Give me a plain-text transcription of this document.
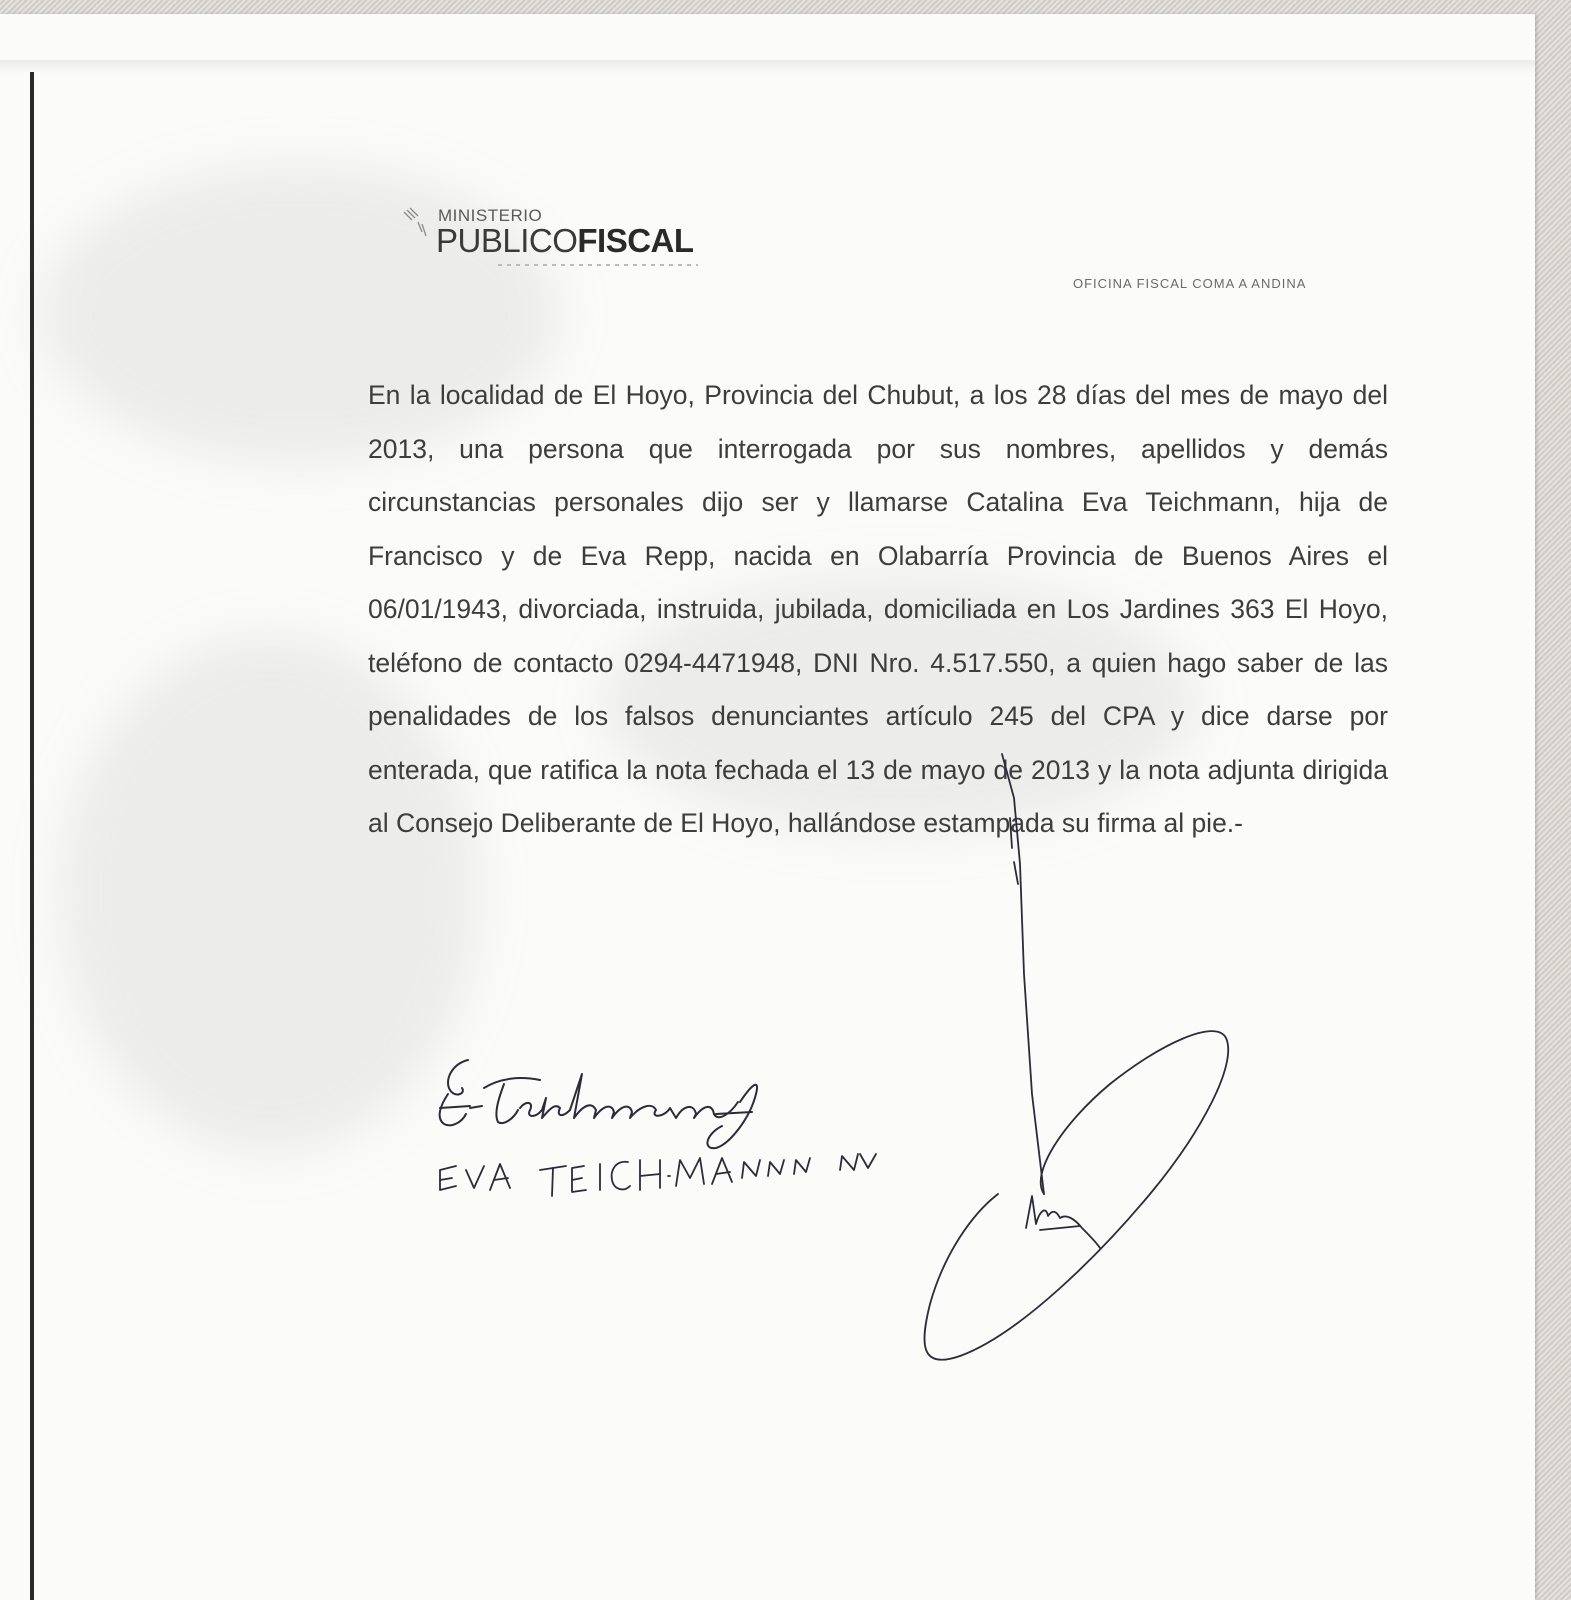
MINISTERIO
PUBLICOFISCAL
OFICINA FISCAL COMA A ANDINA

En la localidad de El Hoyo, Provincia del Chubut, a los 28 días del mes de mayo del 2013, una persona que interrogada por sus nombres, apellidos y demás circunstancias personales dijo ser y llamarse Catalina Eva Teichmann, hija de Francisco y de Eva Repp, nacida en Olabarría Provincia de Buenos Aires el 06/01/1943, divorciada, instruida, jubilada, domiciliada en Los Jardines 363 El Hoyo, teléfono de contacto 0294-4471948, DNI Nro. 4.517.550, a quien hago saber de las penalidades de los falsos denunciantes artículo 245 del CPA y dice darse por enterada, que ratifica la nota fechada el 13 de mayo de 2013 y la nota adjunta dirigida al Consejo Deliberante de El Hoyo, hallándose estampada su firma al pie.-
